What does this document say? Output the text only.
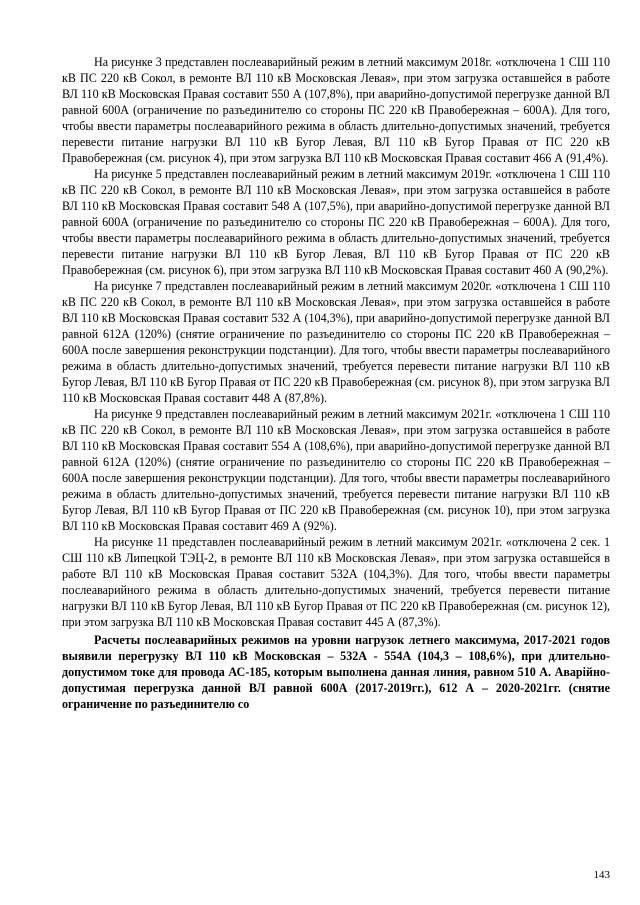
На рисунке 3 представлен послеаварийный режим в летний максимум 2018г. «отключена 1 СШ 110 кВ ПС 220 кВ Сокол, в ремонте ВЛ 110 кВ Московская Левая», при этом загрузка оставшейся в работе ВЛ 110 кВ Московская Правая составит 550 А (107,8%), при аварийно-допустимой перегрузке данной ВЛ равной 600А (ограничение по разъединителю со стороны ПС 220 кВ Правобережная – 600А). Для того, чтобы ввести параметры послеаварийного режима в область длительно-допустимых значений, требуется перевести питание нагрузки ВЛ 110 кВ Бугор Левая, ВЛ 110 кВ Бугор Правая от ПС 220 кВ Правобережная (см. рисунок 4), при этом загрузка ВЛ 110 кВ Московская Правая составит 466 А (91,4%).

На рисунке 5 представлен послеаварийный режим в летний максимум 2019г. «отключена 1 СШ 110 кВ ПС 220 кВ Сокол, в ремонте ВЛ 110 кВ Московская Левая», при этом загрузка оставшейся в работе ВЛ 110 кВ Московская Правая составит 548 А (107,5%), при аварийно-допустимой перегрузке данной ВЛ равной 600А (ограничение по разъединителю со стороны ПС 220 кВ Правобережная – 600А). Для того, чтобы ввести параметры послеаварийного режима в область длительно-допустимых значений, требуется перевести питание нагрузки ВЛ 110 кВ Бугор Левая, ВЛ 110 кВ Бугор Правая от ПС 220 кВ Правобережная (см. рисунок 6), при этом загрузка ВЛ 110 кВ Московская Правая составит 460 А (90,2%).

На рисунке 7 представлен послеаварийный режим в летний максимум 2020г. «отключена 1 СШ 110 кВ ПС 220 кВ Сокол, в ремонте ВЛ 110 кВ Московская Левая», при этом загрузка оставшейся в работе ВЛ 110 кВ Московская Правая составит 532 А (104,3%), при аварийно-допустимой перегрузке данной ВЛ равной 612А (120%) (снятие ограничение по разъединителю со стороны ПС 220 кВ Правобережная – 600А после завершения реконструкции подстанции). Для того, чтобы ввести параметры послеаварийного режима в область длительно-допустимых значений, требуется перевести питание нагрузки ВЛ 110 кВ Бугор Левая, ВЛ 110 кВ Бугор Правая от ПС 220 кВ Правобережная (см. рисунок 8), при этом загрузка ВЛ 110 кВ Московская Правая составит 448 А (87,8%).

На рисунке 9 представлен послеаварийный режим в летний максимум 2021г. «отключена 1 СШ 110 кВ ПС 220 кВ Сокол, в ремонте ВЛ 110 кВ Московская Левая», при этом загрузка оставшейся в работе ВЛ 110 кВ Московская Правая составит 554 А (108,6%), при аварийно-допустимой перегрузке данной ВЛ равной 612А (120%) (снятие ограничение по разъединителю со стороны ПС 220 кВ Правобережная – 600А после завершения реконструкции подстанции). Для того, чтобы ввести параметры послеаварийного режима в область длительно-допустимых значений, требуется перевести питание нагрузки ВЛ 110 кВ Бугор Левая, ВЛ 110 кВ Бугор Правая от ПС 220 кВ Правобережная (см. рисунок 10), при этом загрузка ВЛ 110 кВ Московская Правая составит 469 А (92%).

На рисунке 11 представлен послеаварийный режим в летний максимум 2021г. «отключена 2 сек. 1 СШ 110 кВ Липецкой ТЭЦ-2, в ремонте ВЛ 110 кВ Московская Левая», при этом загрузка оставшейся в работе ВЛ 110 кВ Московская Правая составит 532А (104,3%). Для того, чтобы ввести параметры послеаварийного режима в область длительно-допустимых значений, требуется перевести питание нагрузки ВЛ 110 кВ Бугор Левая, ВЛ 110 кВ Бугор Правая от ПС 220 кВ Правобережная (см. рисунок 12), при этом загрузка ВЛ 110 кВ Московская Правая составит 445 А (87,3%).

Расчеты послеаварийных режимов на уровни нагрузок летнего максимума, 2017-2021 годов выявили перегрузку ВЛ 110 кВ Московская – 532А - 554А (104,3 – 108,6%), при длительно-допустимом токе для провода АС-185, которым выполнена данная линия, равном 510 А. Аварiйно-допустимая перегрузка данной ВЛ равной 600А (2017-2019гг.), 612 А – 2020-2021гг. (снятие ограничение по разъединителю со

143
